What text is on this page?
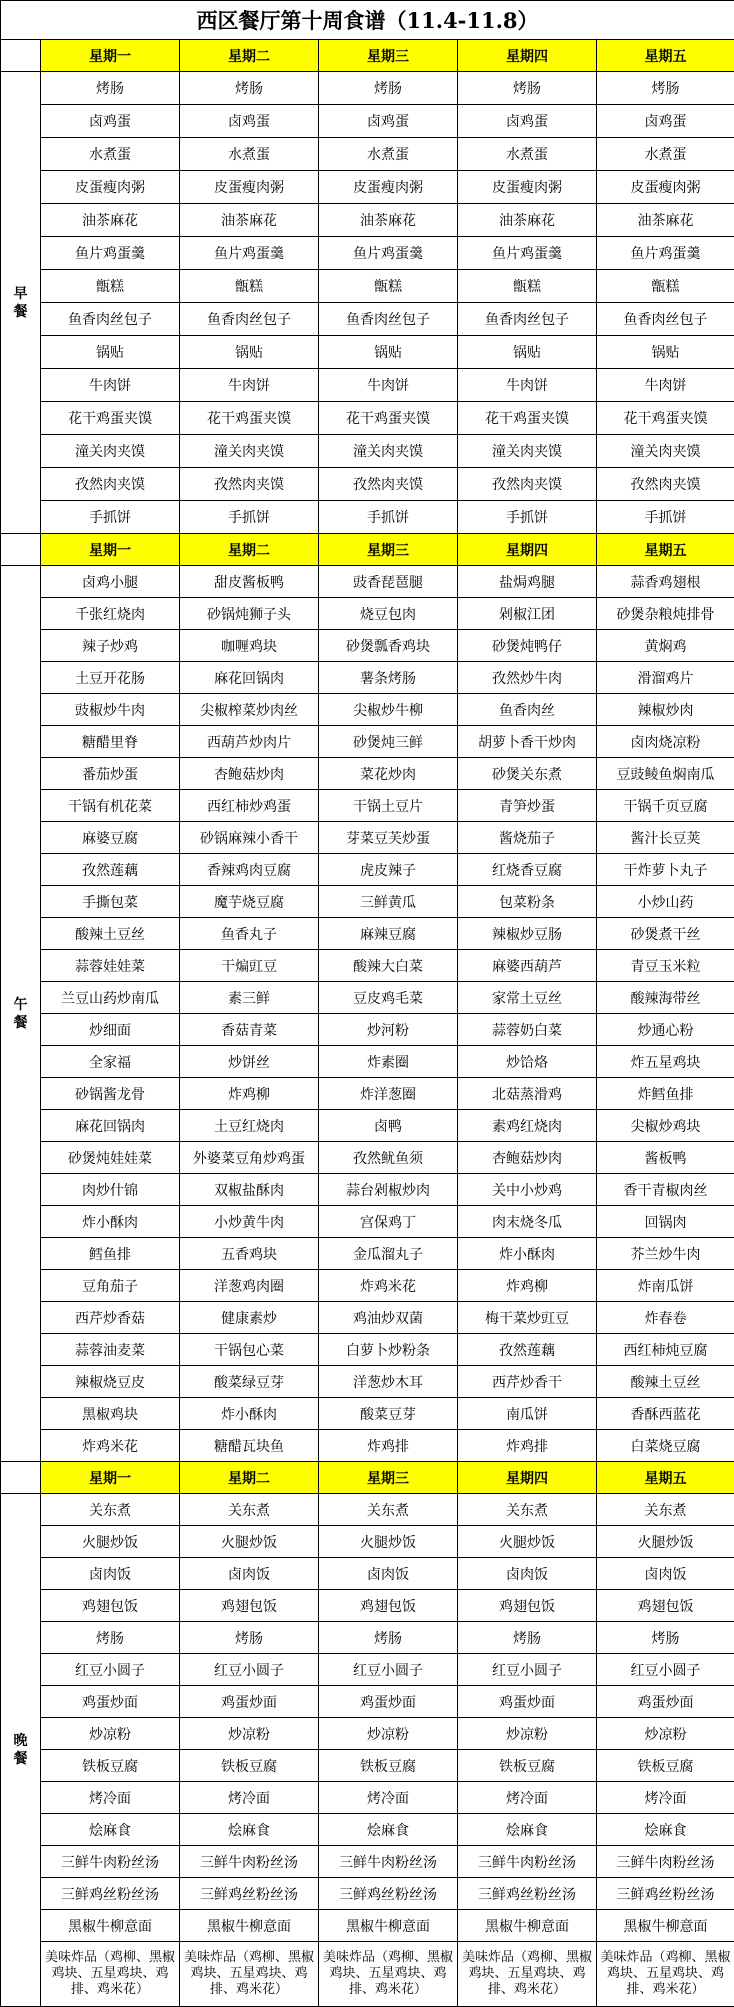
西区餐厅第十周食谱（11.4-11.8）					
	星期一	星期二	星期三	星期四	星期五
早餐	烤肠	烤肠	烤肠	烤肠	烤肠
	卤鸡蛋	卤鸡蛋	卤鸡蛋	卤鸡蛋	卤鸡蛋
	水煮蛋	水煮蛋	水煮蛋	水煮蛋	水煮蛋
	皮蛋瘦肉粥	皮蛋瘦肉粥	皮蛋瘦肉粥	皮蛋瘦肉粥	皮蛋瘦肉粥
	油茶麻花	油茶麻花	油茶麻花	油茶麻花	油茶麻花
	鱼片鸡蛋羹	鱼片鸡蛋羹	鱼片鸡蛋羹	鱼片鸡蛋羹	鱼片鸡蛋羹
	甑糕	甑糕	甑糕	甑糕	甑糕
	鱼香肉丝包子	鱼香肉丝包子	鱼香肉丝包子	鱼香肉丝包子	鱼香肉丝包子
	锅贴	锅贴	锅贴	锅贴	锅贴
	牛肉饼	牛肉饼	牛肉饼	牛肉饼	牛肉饼
	花干鸡蛋夹馍	花干鸡蛋夹馍	花干鸡蛋夹馍	花干鸡蛋夹馍	花干鸡蛋夹馍
	潼关肉夹馍	潼关肉夹馍	潼关肉夹馍	潼关肉夹馍	潼关肉夹馍
	孜然肉夹馍	孜然肉夹馍	孜然肉夹馍	孜然肉夹馍	孜然肉夹馍
	手抓饼	手抓饼	手抓饼	手抓饼	手抓饼
	星期一	星期二	星期三	星期四	星期五
午餐	卤鸡小腿	甜皮酱板鸭	豉香琵琶腿	盐焗鸡腿	蒜香鸡翅根
	千张红烧肉	砂锅炖狮子头	烧豆包肉	剁椒江团	砂煲杂粮炖排骨
	辣子炒鸡	咖喱鸡块	砂煲瓢香鸡块	砂煲炖鸭仔	黄焖鸡
	土豆开花肠	麻花回锅肉	薯条烤肠	孜然炒牛肉	滑溜鸡片
	豉椒炒牛肉	尖椒榨菜炒肉丝	尖椒炒牛柳	鱼香肉丝	辣椒炒肉
	糖醋里脊	西葫芦炒肉片	砂煲炖三鲜	胡萝卜香干炒肉	卤肉烧凉粉
	番茄炒蛋	杏鲍菇炒肉	菜花炒肉	砂煲关东煮	豆豉鲮鱼焖南瓜
	干锅有机花菜	西红柿炒鸡蛋	干锅土豆片	青笋炒蛋	干锅千页豆腐
	麻婆豆腐	砂锅麻辣小香干	芽菜豆芙炒蛋	酱烧茄子	酱汁长豆荚
	孜然莲藕	香辣鸡肉豆腐	虎皮辣子	红烧香豆腐	干炸萝卜丸子
	手撕包菜	魔芋烧豆腐	三鲜黄瓜	包菜粉条	小炒山药
	酸辣土豆丝	鱼香丸子	麻辣豆腐	辣椒炒豆肠	砂煲煮干丝
	蒜蓉娃娃菜	干煸豇豆	酸辣大白菜	麻婆西葫芦	青豆玉米粒
	兰豆山药炒南瓜	素三鲜	豆皮鸡毛菜	家常土豆丝	酸辣海带丝
	炒细面	香菇青菜	炒河粉	蒜蓉奶白菜	炒通心粉
	全家福	炒饼丝	炸素圈	炒饸烙	炸五星鸡块
	砂锅酱龙骨	炸鸡柳	炸洋葱圈	北菇蒸滑鸡	炸鳕鱼排
	麻花回锅肉	土豆红烧肉	卤鸭	素鸡红烧肉	尖椒炒鸡块
	砂煲炖娃娃菜	外婆菜豆角炒鸡蛋	孜然鱿鱼须	杏鲍菇炒肉	酱板鸭
	肉炒什锦	双椒盐酥肉	蒜台剁椒炒肉	关中小炒鸡	香干青椒肉丝
	炸小酥肉	小炒黄牛肉	宫保鸡丁	肉末烧冬瓜	回锅肉
	鳕鱼排	五香鸡块	金瓜溜丸子	炸小酥肉	芥兰炒牛肉
	豆角茄子	洋葱鸡肉圈	炸鸡米花	炸鸡柳	炸南瓜饼
	西芹炒香菇	健康素炒	鸡油炒双菌	梅干菜炒豇豆	炸春卷
	蒜蓉油麦菜	干锅包心菜	白萝卜炒粉条	孜然莲藕	西红柿炖豆腐
	辣椒烧豆皮	酸菜绿豆芽	洋葱炒木耳	西芹炒香干	酸辣土豆丝
	黑椒鸡块	炸小酥肉	酸菜豆芽	南瓜饼	香酥西蓝花
	炸鸡米花	糖醋瓦块鱼	炸鸡排	炸鸡排	白菜烧豆腐
	星期一	星期二	星期三	星期四	星期五
晚餐	关东煮	关东煮	关东煮	关东煮	关东煮
	火腿炒饭	火腿炒饭	火腿炒饭	火腿炒饭	火腿炒饭
	卤肉饭	卤肉饭	卤肉饭	卤肉饭	卤肉饭
	鸡翅包饭	鸡翅包饭	鸡翅包饭	鸡翅包饭	鸡翅包饭
	烤肠	烤肠	烤肠	烤肠	烤肠
	红豆小圆子	红豆小圆子	红豆小圆子	红豆小圆子	红豆小圆子
	鸡蛋炒面	鸡蛋炒面	鸡蛋炒面	鸡蛋炒面	鸡蛋炒面
	炒凉粉	炒凉粉	炒凉粉	炒凉粉	炒凉粉
	铁板豆腐	铁板豆腐	铁板豆腐	铁板豆腐	铁板豆腐
	烤冷面	烤冷面	烤冷面	烤冷面	烤冷面
	烩麻食	烩麻食	烩麻食	烩麻食	烩麻食
	三鲜牛肉粉丝汤	三鲜牛肉粉丝汤	三鲜牛肉粉丝汤	三鲜牛肉粉丝汤	三鲜牛肉粉丝汤
	三鲜鸡丝粉丝汤	三鲜鸡丝粉丝汤	三鲜鸡丝粉丝汤	三鲜鸡丝粉丝汤	三鲜鸡丝粉丝汤
	黑椒牛柳意面	黑椒牛柳意面	黑椒牛柳意面	黑椒牛柳意面	黑椒牛柳意面
	美味炸品（鸡柳、黑椒鸡块、五星鸡块、鸡排、鸡米花）	美味炸品（鸡柳、黑椒鸡块、五星鸡块、鸡排、鸡米花）	美味炸品（鸡柳、黑椒鸡块、五星鸡块、鸡排、鸡米花）	美味炸品（鸡柳、黑椒鸡块、五星鸡块、鸡排、鸡米花）	美味炸品（鸡柳、黑椒鸡块、五星鸡块、鸡排、鸡米花）
